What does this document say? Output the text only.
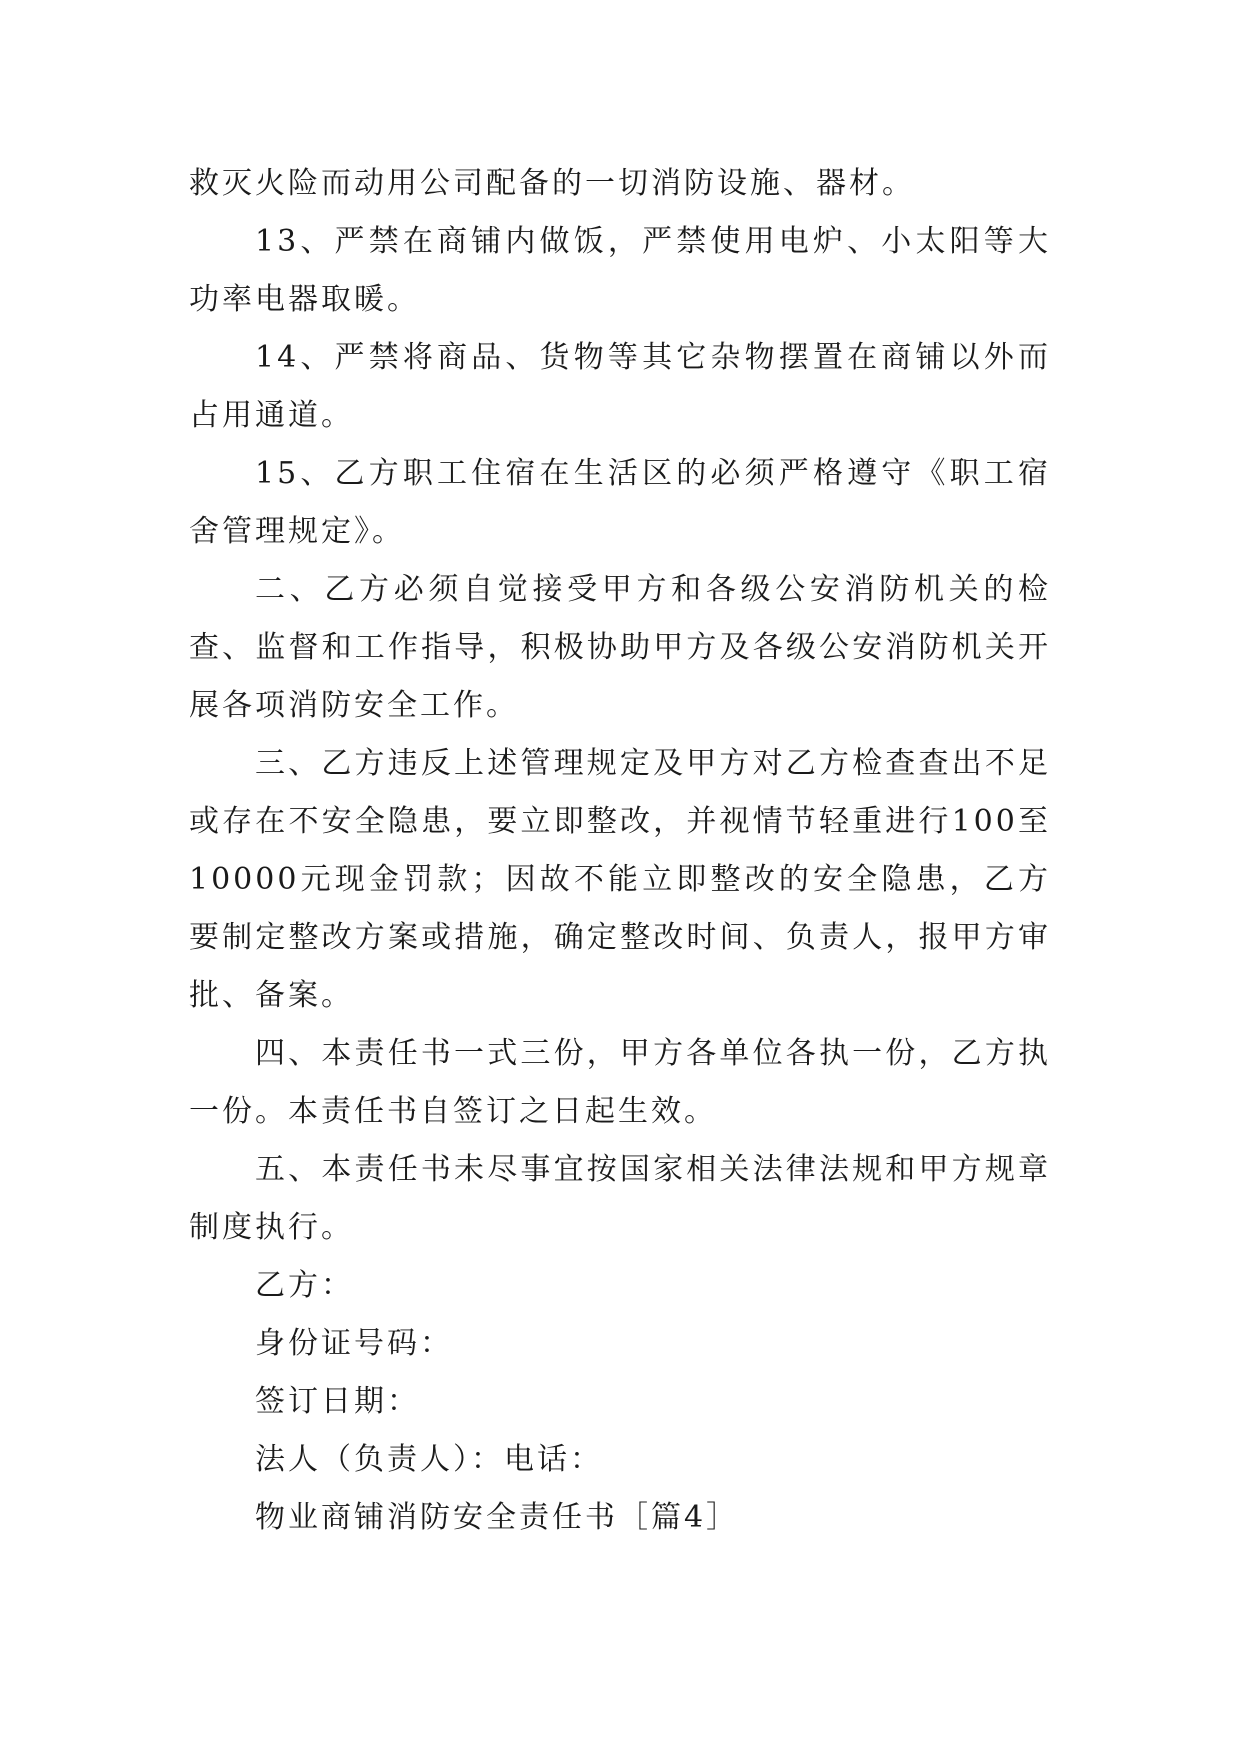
救灭火险而动用公司配备的一切消防设施、器材。

13、严禁在商铺内做饭，严禁使用电炉、小太阳等大功率电器取暖。

14、严禁将商品、货物等其它杂物摆置在商铺以外而占用通道。

15、乙方职工住宿在生活区的必须严格遵守《职工宿舍管理规定》。

二、乙方必须自觉接受甲方和各级公安消防机关的检查、监督和工作指导，积极协助甲方及各级公安消防机关开展各项消防安全工作。

三、乙方违反上述管理规定及甲方对乙方检查查出不足或存在不安全隐患，要立即整改，并视情节轻重进行100至10000元现金罚款；因故不能立即整改的安全隐患，乙方要制定整改方案或措施，确定整改时间、负责人，报甲方审批、备案。

四、本责任书一式三份，甲方各单位各执一份，乙方执一份。本责任书自签订之日起生效。

五、本责任书未尽事宜按国家相关法律法规和甲方规章制度执行。

乙方：

身份证号码：

签订日期：

法人（负责人）：电话：

物业商铺消防安全责任书［篇4］
